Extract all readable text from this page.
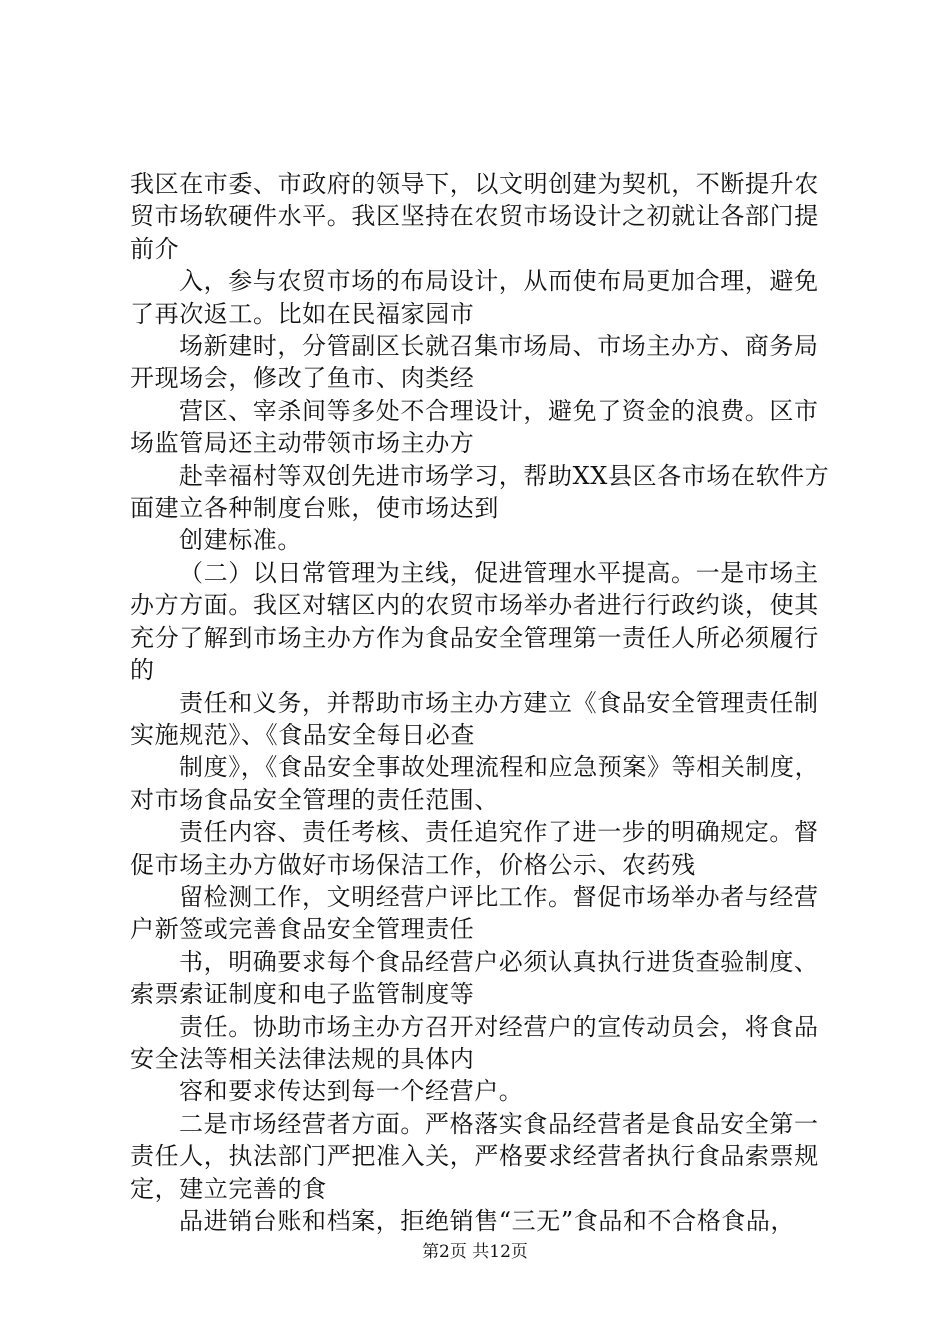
我区在市委、市政府的领导下，以文明创建为契机，不断提升农贸市场软硬件水平。我区坚持在农贸市场设计之初就让各部门提前介

入，参与农贸市场的布局设计，从而使布局更加合理，避免了再次返工。比如在民福家园市

场新建时，分管副区长就召集市场局、市场主办方、商务局开现场会，修改了鱼市、肉类经

营区、宰杀间等多处不合理设计，避免了资金的浪费。区市场监管局还主动带领市场主办方

赴幸福村等双创先进市场学习，帮助XX县区各市场在软件方面建立各种制度台账，使市场达到

创建标准。

（二）以日常管理为主线，促进管理水平提高。一是市场主办方方面。我区对辖区内的农贸市场举办者进行行政约谈，使其充分了解到市场主办方作为食品安全管理第一责任人所必须履行的

责任和义务，并帮助市场主办方建立《食品安全管理责任制实施规范》、《食品安全每日必查

制度》，《食品安全事故处理流程和应急预案》等相关制度，对市场食品安全管理的责任范围、

责任内容、责任考核、责任追究作了进一步的明确规定。督促市场主办方做好市场保洁工作，价格公示、农药残

留检测工作，文明经营户评比工作。督促市场举办者与经营户新签或完善食品安全管理责任

书，明确要求每个食品经营户必须认真执行进货查验制度、索票索证制度和电子监管制度等

责任。协助市场主办方召开对经营户的宣传动员会，将食品安全法等相关法律法规的具体内

容和要求传达到每一个经营户。

二是市场经营者方面。严格落实食品经营者是食品安全第一责任人，执法部门严把准入关，严格要求经营者执行食品索票规定，建立完善的食

品进销台账和档案，拒绝销售“三无”食品和不合格食品，

第2页 共12页
